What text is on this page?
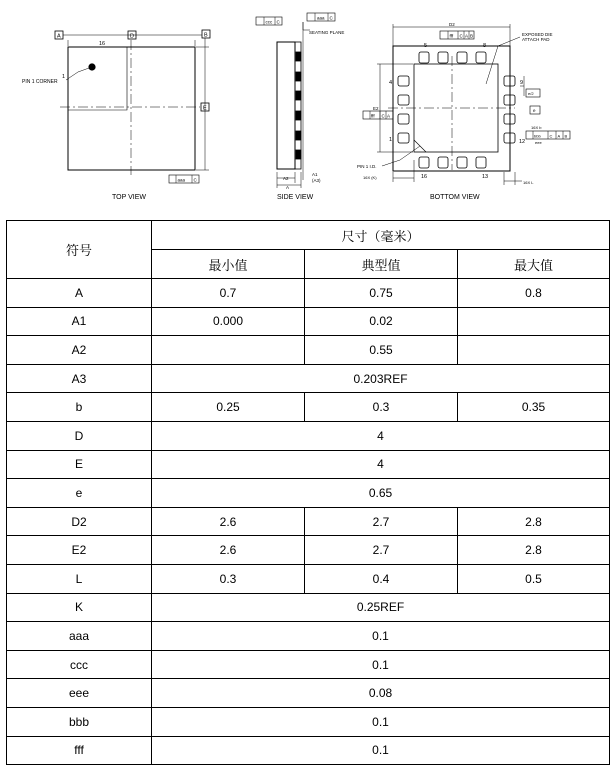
A	B
D
E
16
1
PIN 1 CORNER
aaa C
TOP VIEW
ccc C
aaa C
SEATING PLANE
A1
(A3)
A2
A
SIDE VIEW
D2
fff C A B
5	8
9
12
13
16
4
1
E2
fff C A
EXPOSED DIE
ATTACH PAD
PIN 1 I.D.
16X (K)
16X L
e/2
e
16X b
bbb C A B
eee
BOTTOM VIEW
符号	尺寸（毫米）		
	最小值	典型值	最大值
A	0.7	0.75	0.8
A1	0.000	0.02	
A2		0.55	
A3	0.203REF		
b	0.25	0.3	0.35
D	4		
E	4		
e	0.65		
D2	2.6	2.7	2.8
E2	2.6	2.7	2.8
L	0.3	0.4	0.5
K	0.25REF		
aaa	0.1		
ccc	0.1		
eee	0.08		
bbb	0.1		
fff	0.1		
